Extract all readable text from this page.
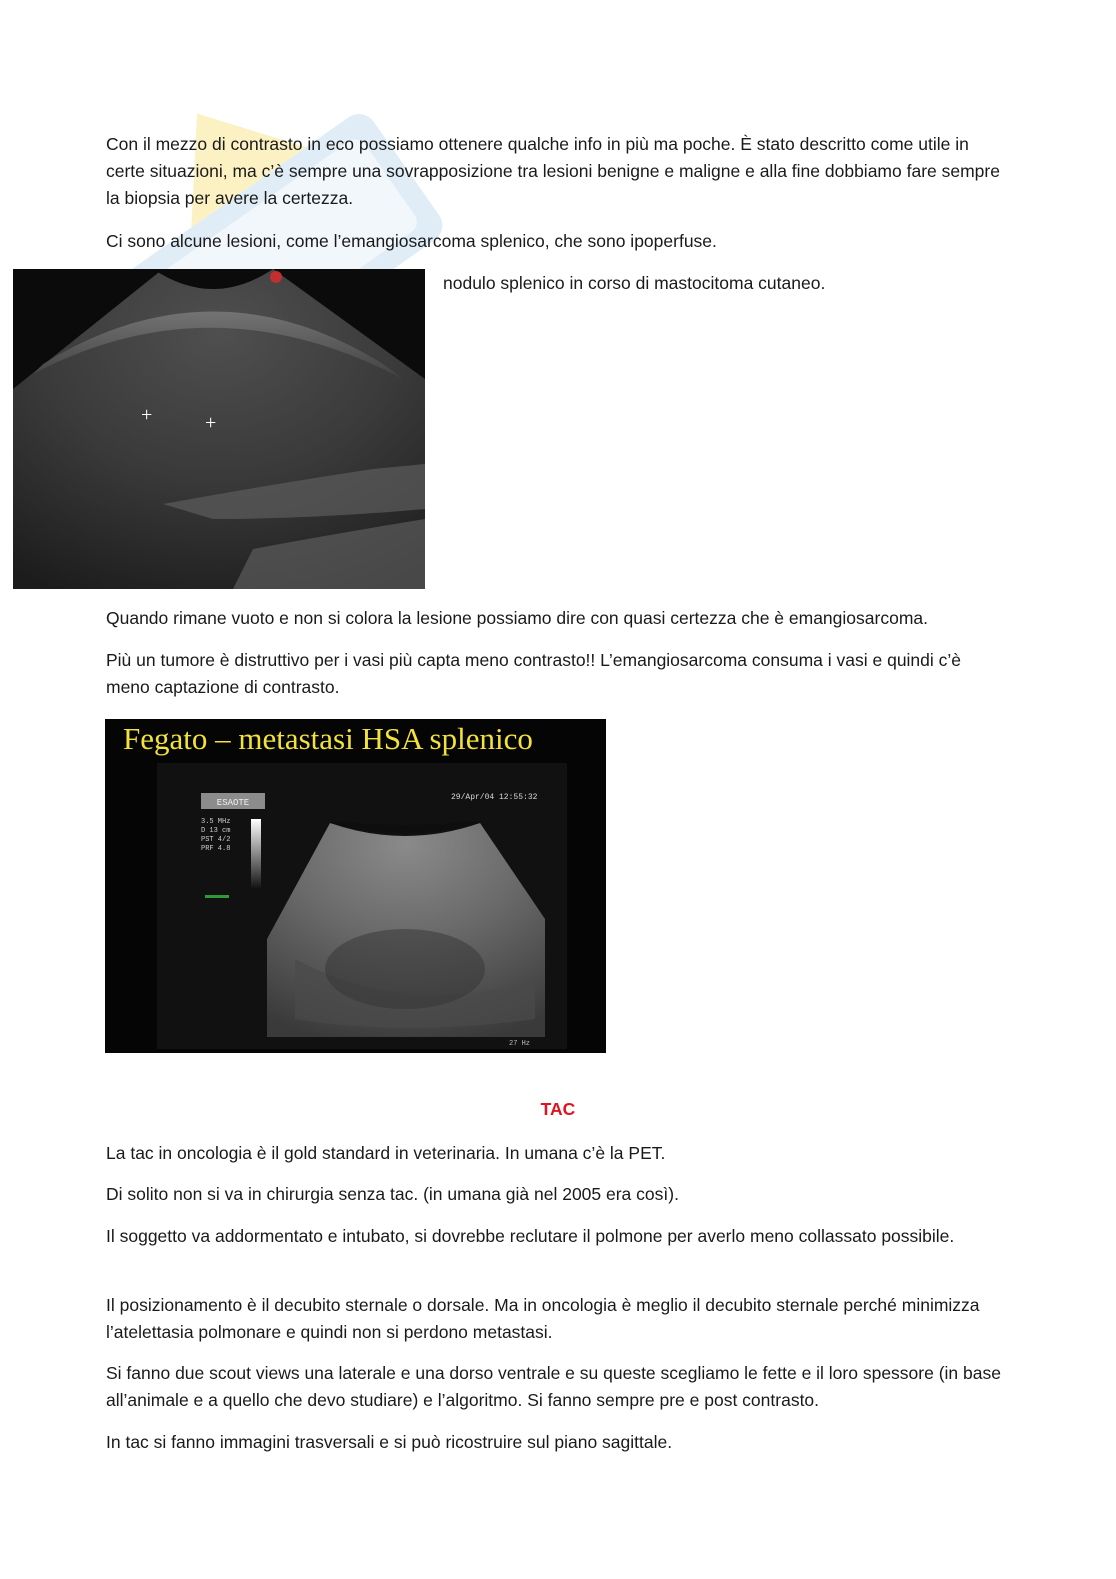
Con il mezzo di contrasto in eco possiamo ottenere qualche info in più ma poche. È stato descritto come utile in certe situazioni, ma c’è sempre una sovrapposizione tra lesioni benigne e maligne e alla fine dobbiamo fare sempre la biopsia per avere la certezza.

Ci sono alcune lesioni, come l’emangiosarcoma splenico, che sono ipoperfuse.

+	+

nodulo splenico in corso di mastocitoma cutaneo.

Quando rimane vuoto e non si colora la lesione possiamo dire con quasi certezza che è emangiosarcoma.

Più un tumore è distruttivo per i vasi più capta meno contrasto!! L’emangiosarcoma consuma i vasi e quindi c’è meno captazione di contrasto.

Fegato – metastasi HSA splenico
ESAOTE
29/Apr/04 12:55:32
3.5 MHz
D 13 cm
PST 4/2
PRF 4.8
27 Hz

TAC

La tac in oncologia è il gold standard in veterinaria. In umana c’è la PET.

Di solito non si va in chirurgia senza tac. (in umana già nel 2005 era così).

Il soggetto va addormentato e intubato, si dovrebbe reclutare il polmone per averlo meno collassato possibile.

Il posizionamento è il decubito sternale o dorsale. Ma in oncologia è meglio il decubito sternale perché minimizza l’atelettasia polmonare e quindi non si perdono metastasi.

Si fanno due scout views una laterale e una dorso ventrale e su queste scegliamo le fette e il loro spessore (in base all’animale e a quello che devo studiare) e l’algoritmo. Si fanno sempre pre e post contrasto.

In tac si fanno immagini trasversali e si può ricostruire sul piano sagittale.
